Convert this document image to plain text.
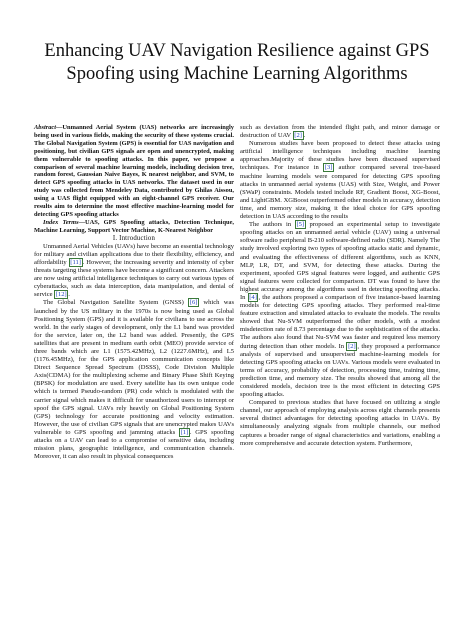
Enhancing UAV Navigation Resilience against GPS Spoofing using Machine Learning Algorithms

Abstract—Unmanned Aerial System (UAS) networks are increasingly being used in various fields, making the security of these systems crucial. The Global Navigation System (GPS) is essential for UAS navigation and positioning, but civilian GPS signals are open and unencrypted, making them vulnerable to spoofing attacks. In this paper, we propose a comparison of several machine learning models, including decision tree, random forest, Gaussian Naive Bayes, K nearest neighbor, and SVM, to detect GPS spoofing attacks in UAS networks. The dataset used in our study was collected from Mendeley Data, contributed by Ghilas Aissou, using a UAS flight equipped with an eight-channel GPS receiver. Our results aim to determine the most effective machine-learning model for detecting GPS spoofing attacks

Index Terms—UAS, GPS Spoofing attacks, Detection Technique, Machine Learning, Support Vector Machine, K-Nearest Neighbor

I. Introduction

Unmanned Aerial Vehicles (UAVs) have become an essential technology for military and civilian applications due to their flexibility, efficiency, and affordability [11] . However, the increasing severity and intensity of cyber threats targeting these systems have become a significant concern. Attackers are now using artificial intelligence techniques to carry out various types of cyberattacks, such as data interception, data manipulation, and denial of service [12] .

The Global Navigation Satellite System (GNSS) [6] which was launched by the US military in the 1970s is now being used as Global Positioning System (GPS) and it is available for civilians to use across the world. In the early stages of development, only the L1 band was provided for the service, later on, the L2 band was added. Presently, the GPS satellites that are present in medium earth orbit (MEO) provide service of three bands which are L1 (1575.42MHz), L2 (1227.6MHz), and L5 (1176.45MHz), for the GPS application communication concepts like Direct Sequence Spread Spectrum (DSSS), Code Division Multiple Axis(CDMA) for the multiplexing scheme and Binary Phase Shift Keying (BPSK) for modulation are used. Every satellite has its own unique code which is termed Pseudo-random (PR) code which is modulated with the carrier signal which makes it difficult for unauthorized users to intercept or spoof the GPS signal. UAVs rely heavily on Global Positioning System (GPS) technology for accurate positioning and velocity estimation. However, the use of civilian GPS signals that are unencrypted makes UAVs vulnerable to GPS spoofing and jamming attacks [1] . GPS spoofing attacks on a UAV can lead to a compromise of sensitive data, including mission plans, geographic intelligence, and communication channels. Moreover, it can also result in physical consequences

such as deviation from the intended flight path, and minor damage or destruction of UAV [2] .

Numerous studies have been proposed to detect these attacks using artificial intelligence techniques including machine learning approaches.Majority of these studies have been discussed supervised techniques. For instance in [3] author compared several tree-based machine learning models were compared for detecting GPS spoofing attacks in unmanned aerial systems (UAS) with Size, Weight, and Power (SWaP) constraints. Models tested include RF, Gradient Boost, XG-Boost, and LightGBM. XGBoost outperformed other models in accuracy, detection time, and memory size, making it the ideal choice for GPS spoofing detection in UAS according to the results

The authors in [5] proposed an experimental setup to investigate spoofing attacks on an unmanned aerial vehicle (UAV) using a universal software radio peripheral B-210 software-defined radio (SDR). Namely The study involved exploring two types of spoofing attacks static and dynamic, and evaluating the effectiveness of different algorithms, such as KNN, MLP, LR, DT, and SVM, for detecting these attacks. During the experiment, spoofed GPS signal features were logged, and authentic GPS signal features were collected for comparison. DT was found to have the highest accuracy among the algorithms used in detecting spoofing attacks. In [4] , the authors proposed a comparison of five instance-based learning models for detecting GPS spoofing attacks. They performed real-time feature extraction and simulated attacks to evaluate the models. The results showed that Nu-SVM outperformed the other models, with a modest misdetection rate of 8.73 percentage due to the sophistication of the attacks. The authors also found that Nu-SVM was faster and required less memory during detection than other models. In [2] , they proposed a performance analysis of supervised and unsupervised machine-learning models for detecting GPS spoofing attacks on UAVs. Various models were evaluated in terms of accuracy, probability of detection, processing time, training time, prediction time, and memory size. The results showed that among all the considered models, decision tree is the most efficient in detecting GPS spoofing attacks.

Compared to previous studies that have focused on utilizing a single channel, our approach of employing analysis across eight channels presents several distinct advantages for detecting spoofing attacks in UAVs. By simultaneously analyzing signals from multiple channels, our method captures a broader range of signal characteristics and variations, enabling a more comprehensive and accurate detection system. Furthermore,
